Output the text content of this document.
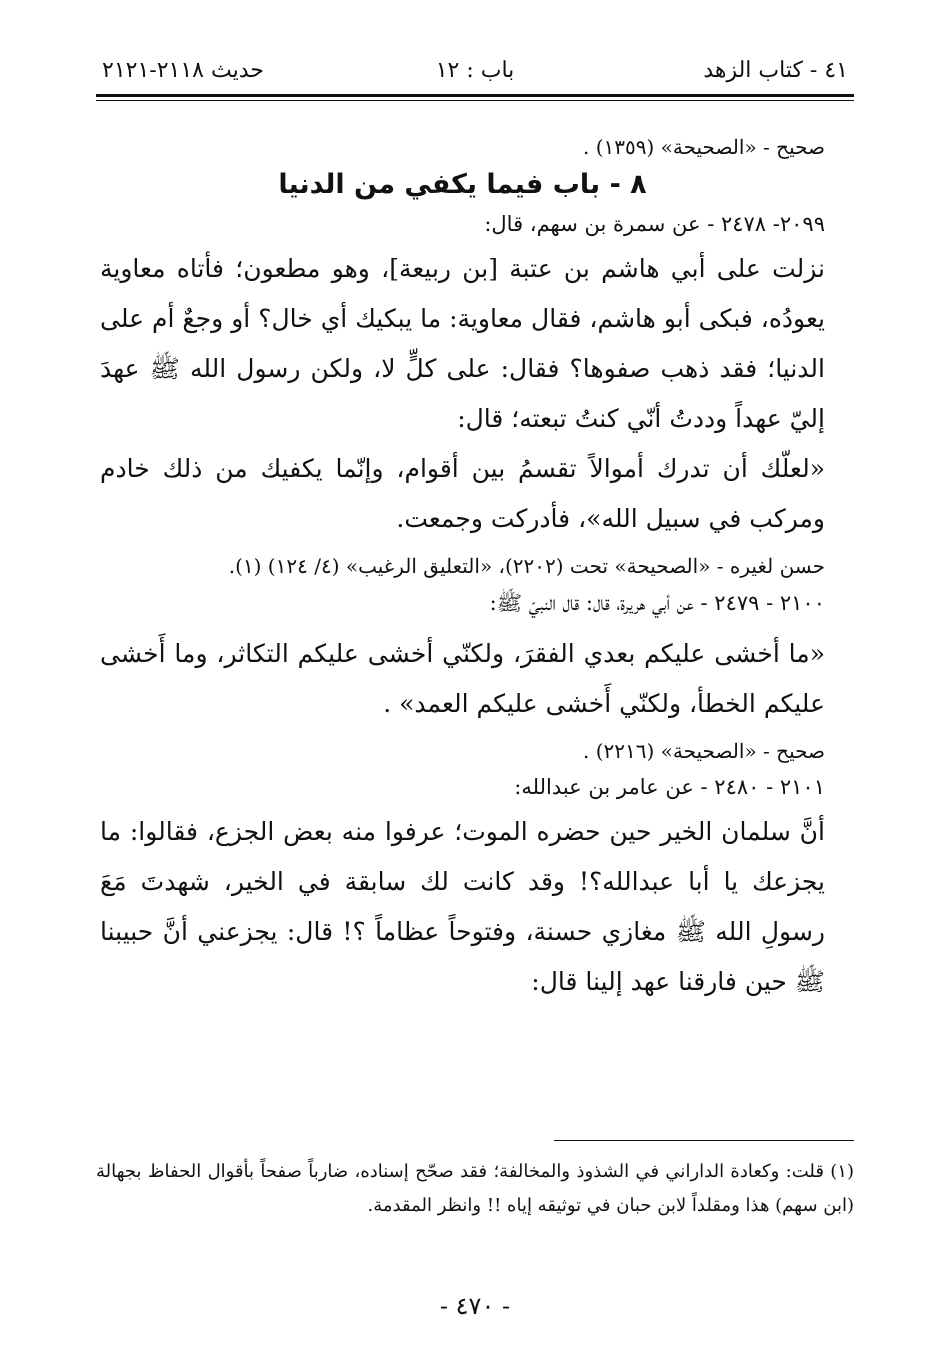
٤١ - كتاب الزهد
باب : ١٢
حديث ٢١١٨-٢١٢١
صحيح - «الصحيحة» (١٣٥٩) .
٨ - باب فيما يكفي من الدنيا
٢٠٩٩- ٢٤٧٨ - عن سمرة بن سهم، قال:

نزلت على أبي هاشم بن عتبة [بن ربيعة]، وهو مطعون؛ فأتاه معاوية يعودُه، فبكى أبو هاشم، فقال معاوية: ما يبكيك أي خال؟ أو وجعٌ أم على الدنيا؛ فقد ذهب صفوها؟ فقال: على كلٍّ لا، ولكن رسول الله ﷺ عهدَ إليّ عهداً وددتُ أنّي كنتُ تبعته؛ قال:

«لعلّك أن تدرك أموالاً تقسمُ بين أقوام، وإنّما يكفيك من ذلك خادم ومركب في سبيل الله»، فأدركت وجمعت.

حسن لغيره - «الصحيحة» تحت (٢٢٠٢)، «التعليق الرغيب» (٤/ ١٢٤) (١).
٢١٠٠ - ٢٤٧٩ - عن أبي هريرة، قال: قال النبيّ ﷺ:

«ما أخشى عليكم بعدي الفقرَ، ولكنّي أخشى عليكم التكاثر، وما أَخشى عليكم الخطأ، ولكنّي أَخشى عليكم العمد» .

صحيح - «الصحيحة» (٢٢١٦) .
٢١٠١ - ٢٤٨٠ - عن عامر بن عبدالله:

أنَّ سلمان الخير حين حضره الموت؛ عرفوا منه بعض الجزع، فقالوا: ما يجزعك يا أبا عبدالله؟! وقد كانت لك سابقة في الخير، شهدتَ مَعَ رسولِ الله ﷺ مغازي حسنة، وفتوحاً عظاماً ؟! قال: يجزعني أنَّ حبيبنا ﷺ حين فارقنا عهد إلينا قال:

(١) قلت: وكعادة الداراني في الشذوذ والمخالفة؛ فقد صحّح إسناده، ضارباً صفحاً بأقوال الحفاظ بجهالة (ابن سهم) هذا ومقلداً لابن حبان في توثيقه إياه !! وانظر المقدمة.
- ٤٧٠ -
